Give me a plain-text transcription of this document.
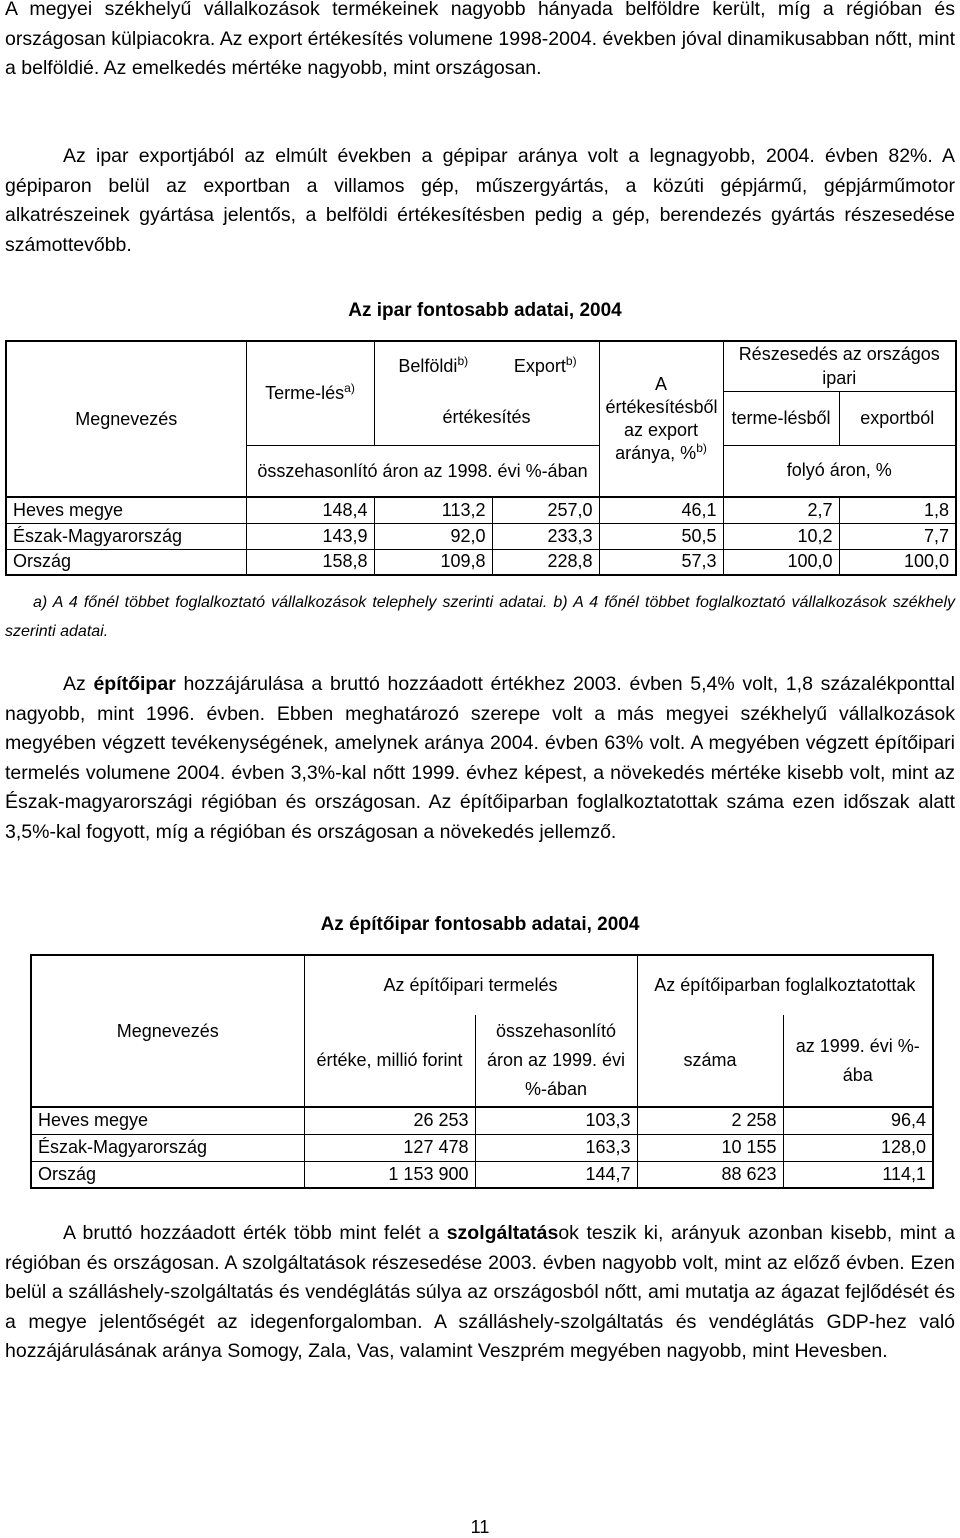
A megyei székhelyű vállalkozások termékeinek nagyobb hányada belföldre került, míg a régióban és országosan külpiacokra. Az export értékesítés volumene 1998-2004. években jóval dinamikusabban nőtt, mint a belföldié. Az emelkedés mértéke nagyobb, mint országosan.

Az ipar exportjából az elmúlt években a gépipar aránya volt a legnagyobb, 2004. évben 82%. A gépiparon belül az exportban a villamos gép, műszergyártás, a közúti gépjármű, gépjárműmotor alkatrészeinek gyártása jelentős, a belföldi értékesítésben pedig a gép, berendezés gyártás részesedése számottevőbb.

Az ipar fontosabb adatai, 2004

Megnevezés	Terme-lés$^{a)}$	Belföldi$^{b)}$	Export$^{b)}$	A értékesítésből az export aránya, %$^{b)}$	Részesedés az országos ipari	
		értékesítés			terme-lésből	exportból
	összehasonlító áron az 1998. évi %-ában				folyó áron, %	
Heves megye	148,4	113,2	257,0	46,1	2,7	1,8
Észak-Magyarország	143,9	92,0	233,3	50,5	10,2	7,7
Ország	158,8	109,8	228,8	57,3	100,0	100,0

a) A 4 főnél többet foglalkoztató vállalkozások telephely szerinti adatai. b) A 4 főnél többet foglalkoztató vállalkozások székhely szerinti adatai.

Az építőipar hozzájárulása a bruttó hozzáadott értékhez 2003. évben 5,4% volt, 1,8 százalékponttal nagyobb, mint 1996. évben. Ebben meghatározó szerepe volt a más megyei székhelyű vállalkozások megyében végzett tevékenységének, amelynek aránya 2004. évben 63% volt. A megyében végzett építőipari termelés volumene 2004. évben 3,3%-kal nőtt 1999. évhez képest, a növekedés mértéke kisebb volt, mint az Észak-magyarországi régióban és országosan. Az építőiparban foglalkoztatottak száma ezen időszak alatt 3,5%-kal fogyott, míg a régióban és országosan a növekedés jellemző.

Az építőipar fontosabb adatai, 2004

Megnevezés	Az építőipari termelés		Az építőiparban foglalkoztatottak	
	értéke, millió forint	összehasonlító áron az 1999. évi %-ában	száma	az 1999. évi %-ába
Heves megye	26 253	103,3	2 258	96,4
Észak-Magyarország	127 478	163,3	10 155	128,0
Ország	1 153 900	144,7	88 623	114,1

A bruttó hozzáadott érték több mint felét a szolgáltatások teszik ki, arányuk azonban kisebb, mint a régióban és országosan. A szolgáltatások részesedése 2003. évben nagyobb volt, mint az előző évben. Ezen belül a szálláshely-szolgáltatás és vendéglátás súlya az országosból nőtt, ami mutatja az ágazat fejlődését és a megye jelentőségét az idegenforgalomban. A szálláshely-szolgáltatás és vendéglátás GDP-hez való hozzájárulásának aránya Somogy, Zala, Vas, valamint Veszprém megyében nagyobb, mint Hevesben.

11
